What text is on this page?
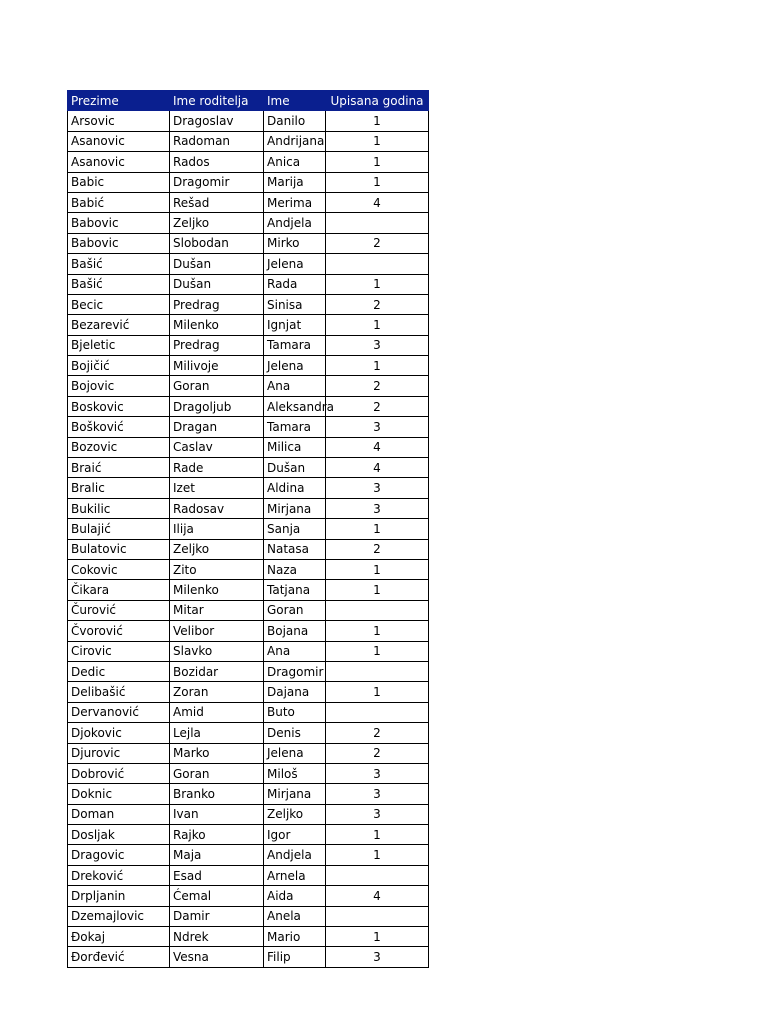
Prezime	Ime roditelja	Ime	Upisana godina
Arsovic	Dragoslav	Danilo	1
Asanovic	Radoman	Andrijana	1
Asanovic	Rados	Anica	1
Babic	Dragomir	Marija	1
Babić	Rešad	Merima	4
Babovic	Zeljko	Andjela	
Babovic	Slobodan	Mirko	2
Bašić	Dušan	Jelena	
Bašić	Dušan	Rada	1
Becic	Predrag	Sinisa	2
Bezarević	Milenko	Ignjat	1
Bjeletic	Predrag	Tamara	3
Bojičić	Milivoje	Jelena	1
Bojovic	Goran	Ana	2
Boskovic	Dragoljub	Aleksandra	2
Bošković	Dragan	Tamara	3
Bozovic	Caslav	Milica	4
Braić	Rade	Dušan	4
Bralic	Izet	Aldina	3
Bukilic	Radosav	Mirjana	3
Bulajić	Ilija	Sanja	1
Bulatovic	Zeljko	Natasa	2
Cokovic	Zito	Naza	1
Čikara	Milenko	Tatjana	1
Čurović	Mitar	Goran	
Čvorović	Velibor	Bojana	1
Cirovic	Slavko	Ana	1
Dedic	Bozidar	Dragomir	
Delibašić	Zoran	Dajana	1
Dervanović	Amid	Buto	
Djokovic	Lejla	Denis	2
Djurovic	Marko	Jelena	2
Dobrović	Goran	Miloš	3
Doknic	Branko	Mirjana	3
Doman	Ivan	Zeljko	3
Dosljak	Rajko	Igor	1
Dragovic	Maja	Andjela	1
Dreković	Esad	Arnela	
Drpljanin	Ćemal	Aida	4
Dzemajlovic	Damir	Anela	
Đokaj	Ndrek	Mario	1
Đorđević	Vesna	Filip	3
